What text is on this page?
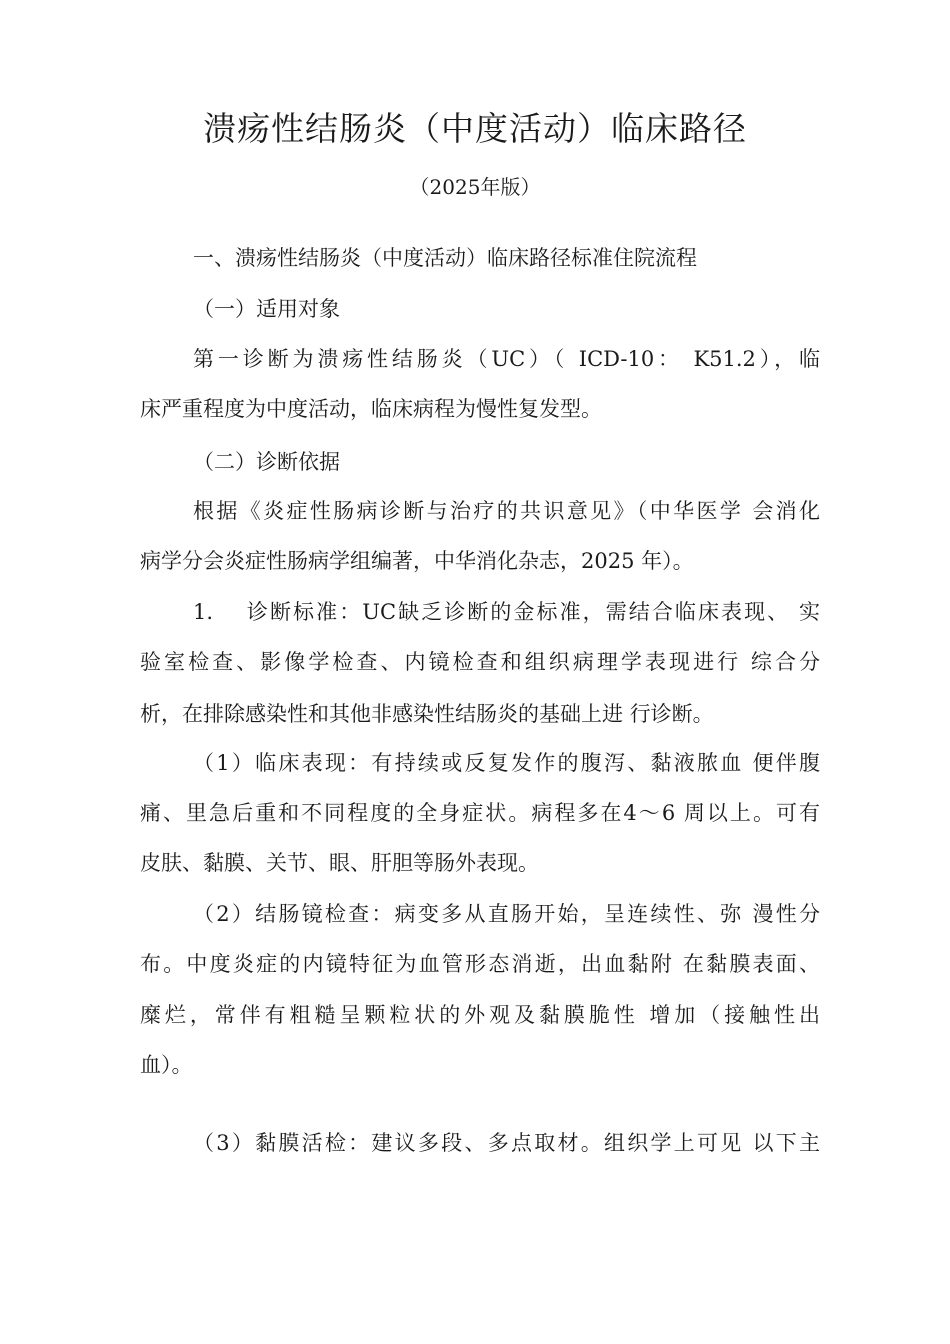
溃疡性结肠炎（中度活动）临床路径
（2025年版）
一、溃疡性结肠炎（中度活动）临床路径标准住院流程
（一）适用对象
第一诊断为溃疡性结肠炎（UC）（ ICD-10： K51.2），临
床严重程度为中度活动，临床病程为慢性复发型。
（二）诊断依据
根据《炎症性肠病诊断与治疗的共识意见》（中华医学 会消化
病学分会炎症性肠病学组编著，中华消化杂志，2025 年）。
1.　 诊断标准：UC缺乏诊断的金标准，需结合临床表现、 实
验室检查、影像学检查、内镜检查和组织病理学表现进行 综合分
析，在排除感染性和其他非感染性结肠炎的基础上进 行诊断。
（1）临床表现：有持续或反复发作的腹泻、黏液脓血 便伴腹
痛、里急后重和不同程度的全身症状。病程多在4〜6 周以上。可有
皮肤、黏膜、关节、眼、肝胆等肠外表现。
（2）结肠镜检查：病变多从直肠开始，呈连续性、弥 漫性分
布。中度炎症的内镜特征为血管形态消逝，出血黏附 在黏膜表面、
糜烂，常伴有粗糙呈颗粒状的外观及黏膜脆性 增加（接触性出
血）。
（3）黏膜活检：建议多段、多点取材。组织学上可见 以下主
